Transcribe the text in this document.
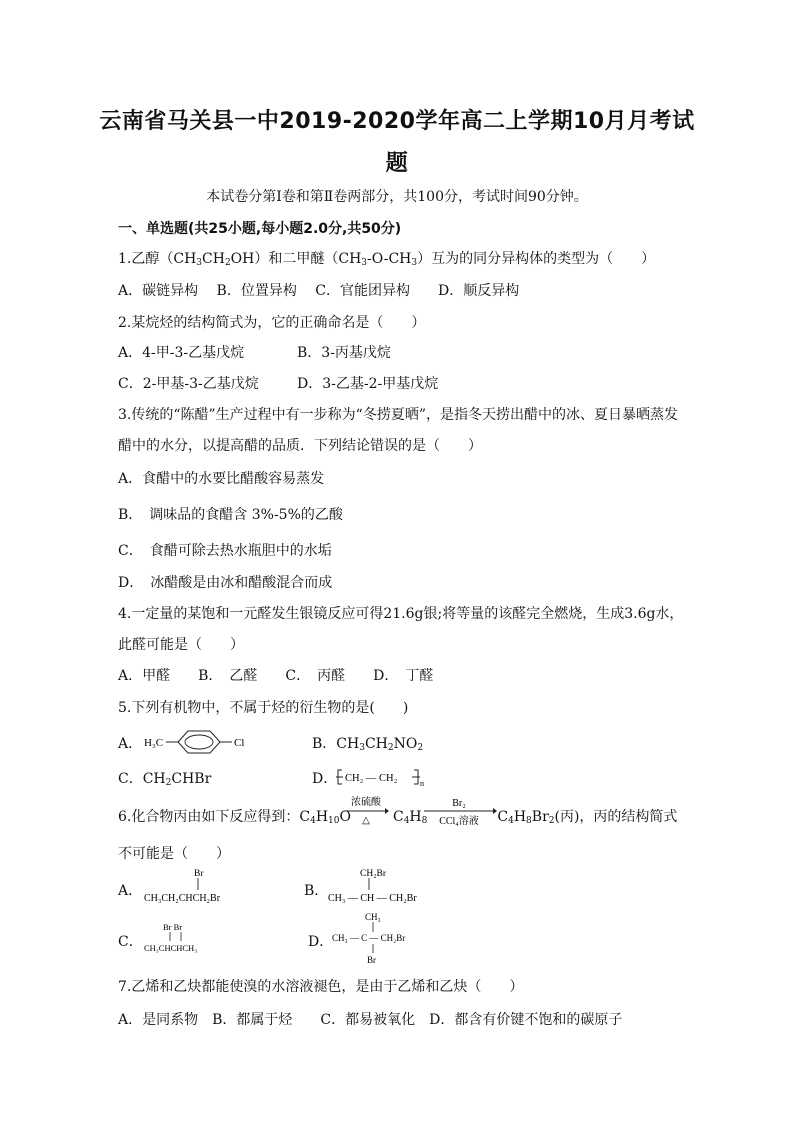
云南省马关县一中2019-2020学年高二上学期10月月考试
题
本试卷分第Ⅰ卷和第Ⅱ卷两部分，共100分，考试时间90分钟。
一、单选题(共25小题,每小题2.0分,共50分)
1.乙醇$(CH_3CH_2OH)$和二甲醚$(CH_3-O-CH_3)$互为的同分异构体的类型为（　　）
A．碳链异构　 B．位置异构　 C．官能团异构　　D．顺反异构
2.某烷烃的结构简式为，它的正确命名是（　　）
A．4-甲-3-乙基戊烷	B．3-丙基戊烷
C．2-甲基-3-乙基戊烷	D．3-乙基-2-甲基戊烷
3.传统的“陈醋”生产过程中有一步称为“冬捞夏晒”，是指冬天捞出醋中的冰、夏日暴晒蒸发
醋中的水分，以提高醋的品质．下列结论错误的是（　　）
A．食醋中的水要比醋酸容易蒸发
B．　调味品的食醋含 3%-5%的乙酸
C．　食醋可除去热水瓶胆中的水垢
D．　冰醋酸是由冰和醋酸混合而成
4.一定量的某饱和一元醛发生银镜反应可得21.6g银;将等量的该醛完全燃烧，生成3.6g水，
此醛可能是（　　）
A．甲醛　　B．　乙醛　　C．　丙醛　　D．　丁醛
5.下列有机物中，不属于烃的衍生物的是(　　)
A． H₃C	Cl	B．$CH_3CH_2NO_2$
C．$CH_2CHBr$	D． CH₂ — CH₂	n
6.化合物丙由如下反应得到：$C_4H_{10}O$	$C_4H_8$	$C_4H_8Br_2$(丙)，丙的结构简式
浓硫酸
△
Br₂
CCl₄溶液
不可能是（　　）
A．
Br
CH₃CH₂CHCH₂Br	B．
CH₂Br
CH₃ — CH — CH₂Br
C．
Br Br
CH₃CHCHCH₃	D．
CH₃
CH₃ — C — CH₂Br
Br
7.乙烯和乙炔都能使溴的水溶液褪色，是由于乙烯和乙炔（　　）
A．是同系物　B．都属于烃　　C．都易被氧化　D．都含有价键不饱和的碳原子
